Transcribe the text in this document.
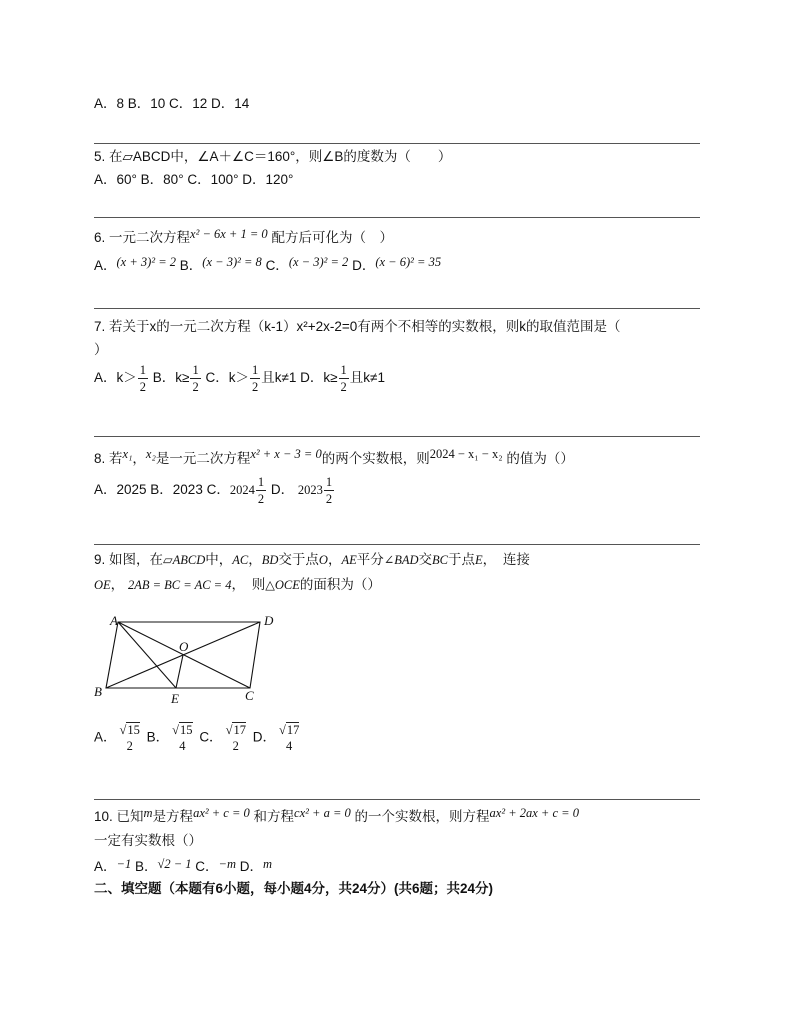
A．8 B．10 C．12 D．14
5. 在▱ABCD中，∠A＋∠C＝160°，则∠B的度数为（　　）
A．60° B．80° C．100° D．120°
6. 一元二次方程x² − 6x + 1 = 0 配方后可化为（　）
A．(x + 3)² = 2 B．(x − 3)² = 8 C．(x − 3)² = 2 D．(x − 6)² = 35
7. 若关于x的一元二次方程（k-1）x²+2x-2=0有两个不相等的实数根，则k的取值范围是（
）
A．$k> \frac{1}{2}$ B．$k\ge \frac{1}{2}$ C．$k> \frac{1}{2}$ 且k≠1 D．$k\ge \frac{1}{2}$ 且k≠1
8. 若x₁，x₂是一元二次方程x² + x − 3 = 0的两个实数根，则2024 − x₁ − x₂ 的值为（）
A．2025 B．2023 C．$2024 \frac{1}{2}$ D． $2023 \frac{1}{2}$
9. 如图，在▱ABCD中，AC，BD交于点O，AE平分∠BAD交BC于点E，　连接
OE， 2AB = BC = AC = 4，　则△OCE的面积为（）
A	D
O
B	E	C
A． √15
2
B． √15
4
C． √17
2
D． √17
4
10. 已知m是方程ax² + c = 0 和方程cx² + a = 0 的一个实数根，则方程ax² + 2ax + c = 0
一定有实数根（）
A．−1 B．√2 − 1 C．−m D．m
二、填空题（本题有6小题，每小题4分，共24分）(共6题；共24分)
